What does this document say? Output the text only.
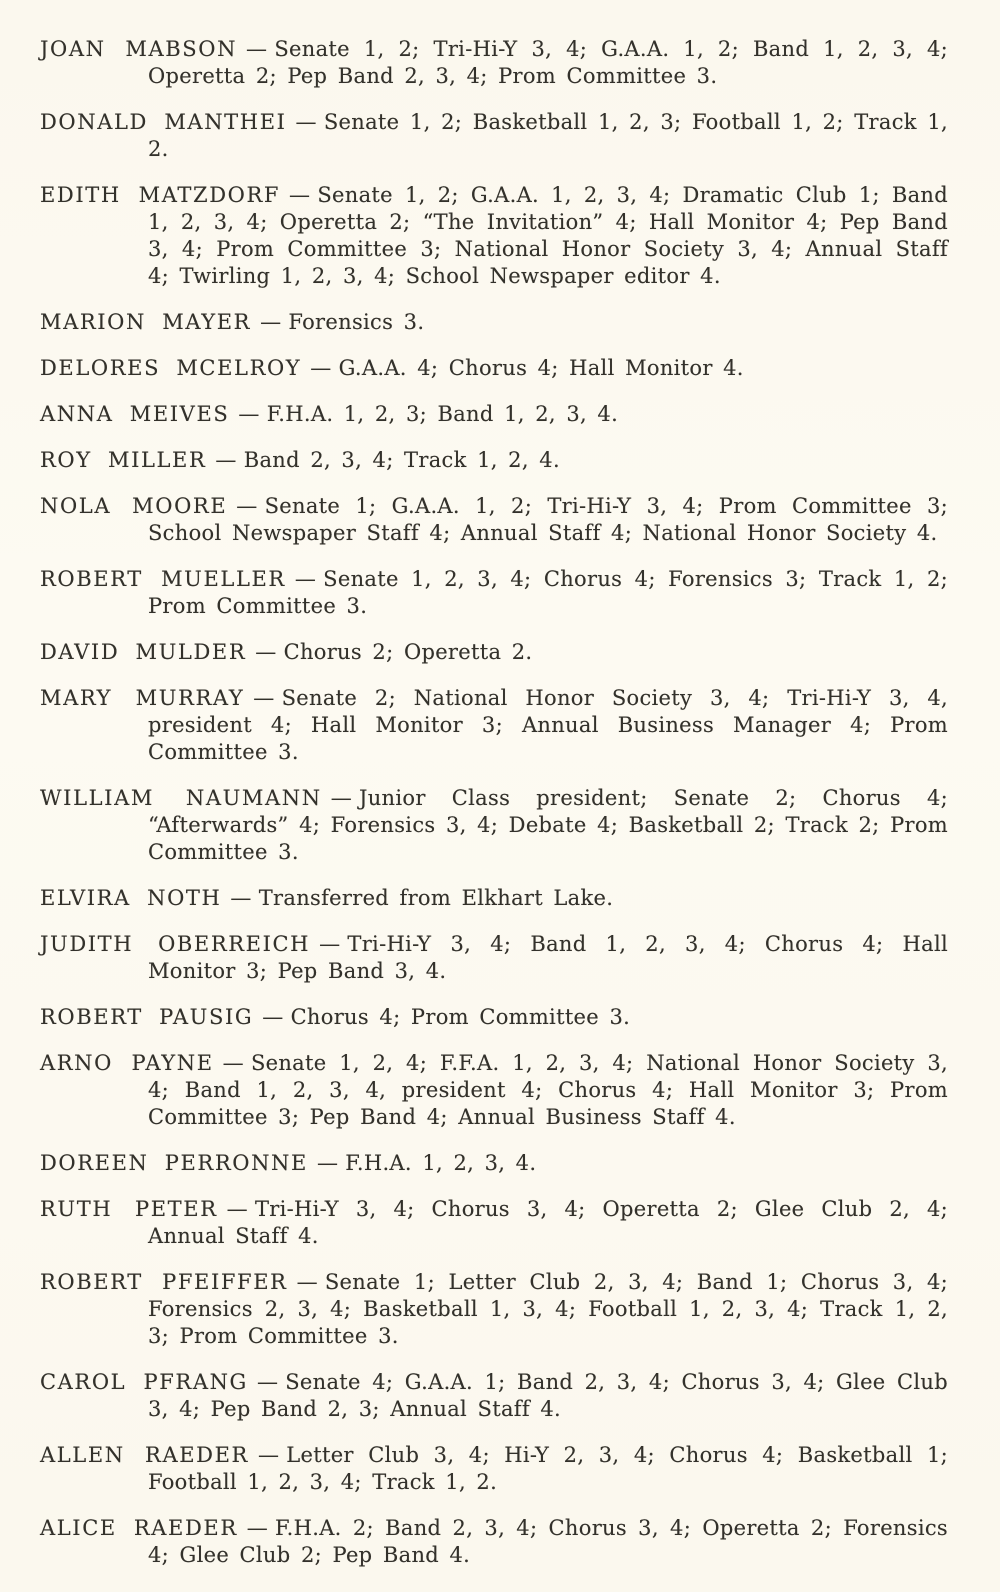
JOAN MABSON — Senate 1, 2; Tri-Hi-Y 3, 4; G.A.A. 1, 2; Band 1, 2, 3, 4; Operetta 2; Pep Band 2, 3, 4; Prom Committee 3.

DONALD MANTHEI — Senate 1, 2; Basketball 1, 2, 3; Football 1, 2; Track 1, 2.

EDITH MATZDORF — Senate 1, 2; G.A.A. 1, 2, 3, 4; Dramatic Club 1; Band 1, 2, 3, 4; Operetta 2; “The Invitation” 4; Hall Monitor 4; Pep Band 3, 4; Prom Committee 3; National Honor Society 3, 4; Annual Staff 4; Twirling 1, 2, 3, 4; School Newspaper editor 4.

MARION MAYER — Forensics 3.

DELORES MCELROY — G.A.A. 4; Chorus 4; Hall Monitor 4.

ANNA MEIVES — F.H.A. 1, 2, 3; Band 1, 2, 3, 4.

ROY MILLER — Band 2, 3, 4; Track 1, 2, 4.

NOLA MOORE — Senate 1; G.A.A. 1, 2; Tri-Hi-Y 3, 4; Prom Committee 3; School Newspaper Staff 4; Annual Staff 4; National Honor Society 4.

ROBERT MUELLER — Senate 1, 2, 3, 4; Chorus 4; Forensics 3; Track 1, 2; Prom Committee 3.

DAVID MULDER — Chorus 2; Operetta 2.

MARY MURRAY — Senate 2; National Honor Society 3, 4; Tri-Hi-Y 3, 4, president 4; Hall Monitor 3; Annual Business Manager 4; Prom Committee 3.

WILLIAM NAUMANN — Junior Class president; Senate 2; Chorus 4; “Afterwards” 4; Forensics 3, 4; Debate 4; Basketball 2; Track 2; Prom Committee 3.

ELVIRA NOTH — Transferred from Elkhart Lake.

JUDITH OBERREICH — Tri-Hi-Y 3, 4; Band 1, 2, 3, 4; Chorus 4; Hall Monitor 3; Pep Band 3, 4.

ROBERT PAUSIG — Chorus 4; Prom Committee 3.

ARNO PAYNE — Senate 1, 2, 4; F.F.A. 1, 2, 3, 4; National Honor Society 3, 4; Band 1, 2, 3, 4, president 4; Chorus 4; Hall Monitor 3; Prom Committee 3; Pep Band 4; Annual Business Staff 4.

DOREEN PERRONNE — F.H.A. 1, 2, 3, 4.

RUTH PETER — Tri-Hi-Y 3, 4; Chorus 3, 4; Operetta 2; Glee Club 2, 4; Annual Staff 4.

ROBERT PFEIFFER — Senate 1; Letter Club 2, 3, 4; Band 1; Chorus 3, 4; Forensics 2, 3, 4; Basketball 1, 3, 4; Football 1, 2, 3, 4; Track 1, 2, 3; Prom Committee 3.

CAROL PFRANG — Senate 4; G.A.A. 1; Band 2, 3, 4; Chorus 3, 4; Glee Club 3, 4; Pep Band 2, 3; Annual Staff 4.

ALLEN RAEDER — Letter Club 3, 4; Hi-Y 2, 3, 4; Chorus 4; Basketball 1; Football 1, 2, 3, 4; Track 1, 2.

ALICE RAEDER — F.H.A. 2; Band 2, 3, 4; Chorus 3, 4; Operetta 2; Forensics 4; Glee Club 2; Pep Band 4.
